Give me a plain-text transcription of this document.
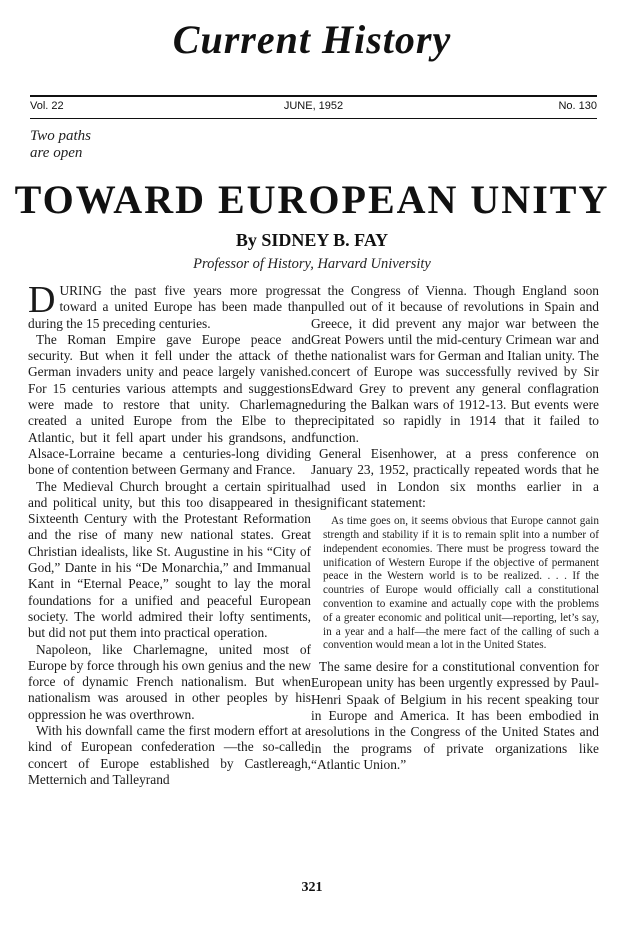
Current History
Vol. 22	JUNE, 1952	No. 130
Two paths
are open
TOWARD EUROPEAN UNITY
By SIDNEY B. FAY
Professor of History, Harvard University

DURING the past five years more progress toward a united Europe has been made than during the 15 preceding centuries.

The Roman Empire gave Europe peace and security. But when it fell under the attack of the German invaders unity and peace largely vanished. For 15 centuries various attempts and suggestions were made to restore that unity. Charlemagne created a united Europe from the Elbe to the Atlantic, but it fell apart under his grandsons, and Alsace-Lorraine became a centuries-long dividing bone of contention between Germany and France.

The Medieval Church brought a certain spiritual and political unity, but this too disappeared in the Sixteenth Century with the Protestant Reformation and the rise of many new national states. Great Christian idealists, like St. Augustine in his “City of God,” Dante in his “De Monarchia,” and Immanual Kant in “Eternal Peace,” sought to lay the moral foundations for a unified and peaceful European society. The world admired their lofty sentiments, but did not put them into practical operation.

Napoleon, like Charlemagne, united most of Europe by force through his own genius and the new force of dynamic French nationalism. But when nationalism was aroused in other peoples by his oppression he was overthrown.

With his downfall came the first modern effort at a kind of European confederation —the so-called concert of Europe established by Castlereagh, Metternich and Talleyrand

at the Congress of Vienna. Though England soon pulled out of it because of revolutions in Spain and Greece, it did prevent any major war between the Great Powers until the mid-century Crimean war and the nationalist wars for German and Italian unity. The concert of Europe was successfully revived by Sir Edward Grey to prevent any general conflagration during the Balkan wars of 1912-13. But events were precipitated so rapidly in 1914 that it failed to function.

General Eisenhower, at a press conference on January 23, 1952, practically repeated words that he had used in London six months earlier in a significant statement:

As time goes on, it seems obvious that Europe cannot gain strength and stability if it is to remain split into a number of independent economies. There must be progress toward the unification of Western Europe if the objective of permanent peace in the Western world is to be realized. . . . If the countries of Europe would officially call a constitutional convention to examine and actually cope with the problems of a greater economic and political unit—reporting, let’s say, in a year and a half—the mere fact of the calling of such a convention would mean a lot in the United States.

The same desire for a constitutional convention for European unity has been urgently expressed by Paul-Henri Spaak of Belgium in his recent speaking tour in Europe and America. It has been embodied in resolutions in the Congress of the United States and in the programs of private organizations like “Atlantic Union.”

321
